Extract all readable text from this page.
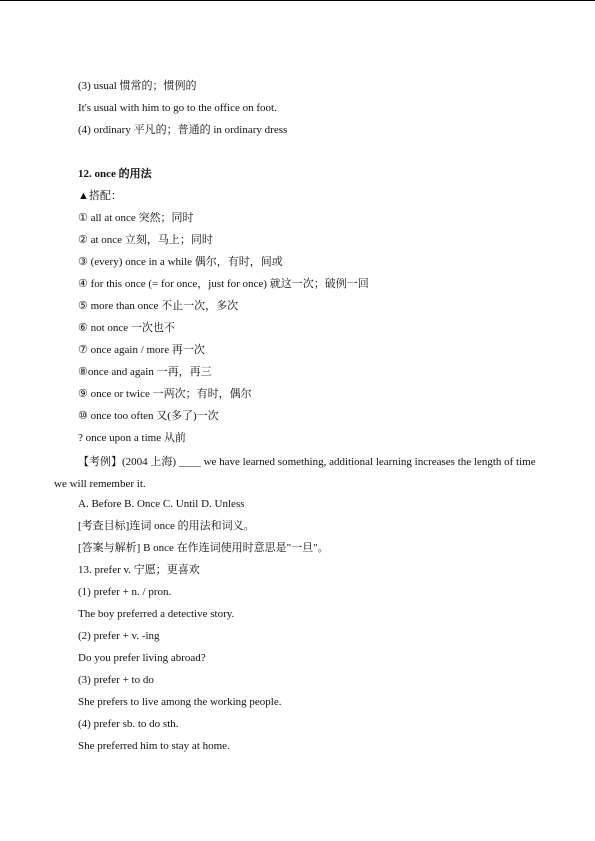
(3) usual 惯常的；惯例的
It's usual with him to go to the office on foot.
(4) ordinary 平凡的；普通的 in ordinary dress
12. once 的用法
▲搭配：
① all at once 突然；同时
② at once 立刻，马上；同时
③ (every) once in a while 偶尔，有时，间或
④ for this once (= for once，just for once) 就这一次；破例一回
⑤ more than once 不止一次，多次
⑥ not once 一次也不
⑦ once again / more 再一次
⑧once and again 一再，再三
⑨ once or twice 一两次；有时，偶尔
⑩ once too often 又(多了)一次
? once upon a time 从前
【考例】(2004 上海) ____ we have learned something, additional learning increases the length of time we will remember it.
A. Before B. Once C. Until D. Unless
[考查目标]连词 once 的用法和词义。
[答案与解析] B once 在作连词使用时意思是"一旦"。
13. prefer v. 宁愿；更喜欢
(1) prefer + n. / pron.
The boy preferred a detective story.
(2) prefer + v. -ing
Do you prefer living abroad?
(3) prefer + to do
She prefers to live among the working people.
(4) prefer sb. to do sth.
She preferred him to stay at home.
